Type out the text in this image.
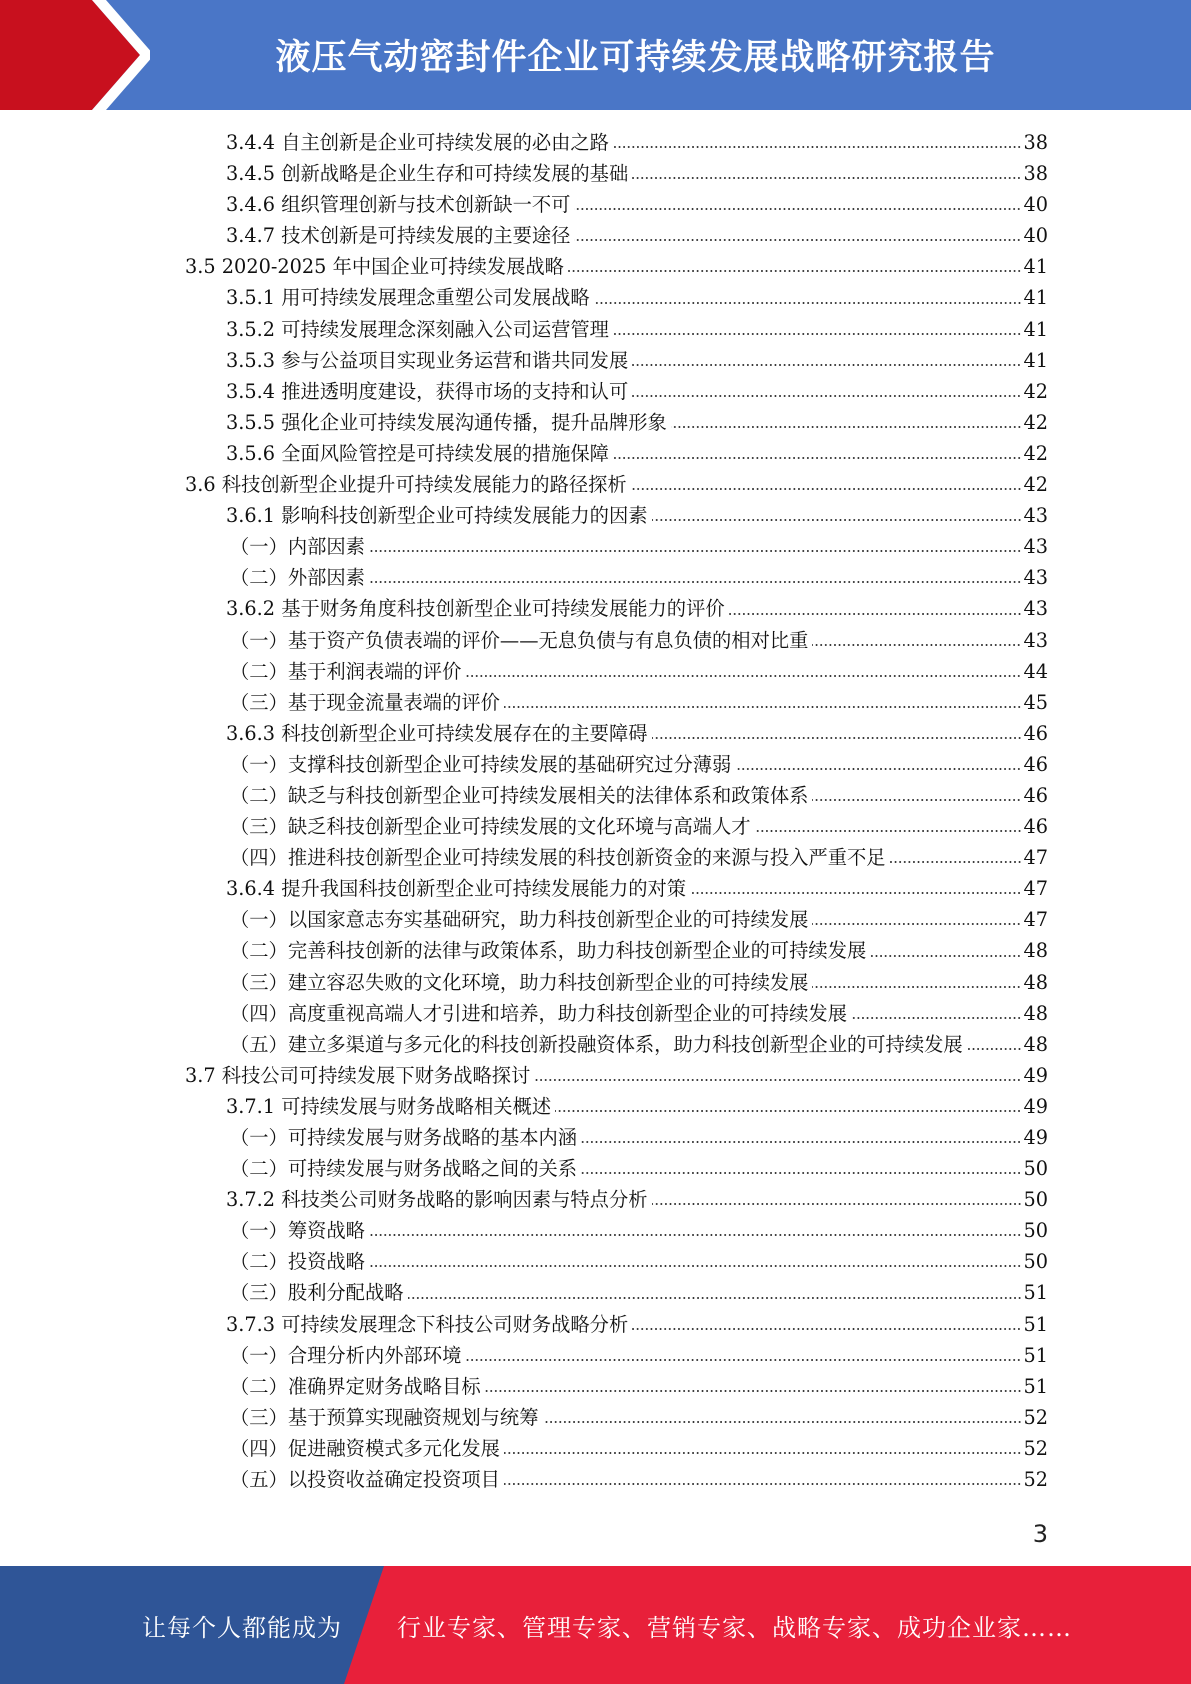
液压气动密封件企业可持续发展战略研究报告
3.4.4 自主创新是企业可持续发展的必由之路	38
3.4.5 创新战略是企业生存和可持续发展的基础	38
3.4.6 组织管理创新与技术创新缺一不可	40
3.4.7 技术创新是可持续发展的主要途径	40
3.5 2020-2025 年中国企业可持续发展战略	41
3.5.1 用可持续发展理念重塑公司发展战略	41
3.5.2 可持续发展理念深刻融入公司运营管理	41
3.5.3 参与公益项目实现业务运营和谐共同发展	41
3.5.4 推进透明度建设，获得市场的支持和认可	42
3.5.5 强化企业可持续发展沟通传播，提升品牌形象	42
3.5.6 全面风险管控是可持续发展的措施保障	42
3.6 科技创新型企业提升可持续发展能力的路径探析	42
3.6.1 影响科技创新型企业可持续发展能力的因素	43
（一）内部因素	43
（二）外部因素	43
3.6.2 基于财务角度科技创新型企业可持续发展能力的评价	43
（一）基于资产负债表端的评价——无息负债与有息负债的相对比重	43
（二）基于利润表端的评价	44
（三）基于现金流量表端的评价	45
3.6.3 科技创新型企业可持续发展存在的主要障碍	46
（一）支撑科技创新型企业可持续发展的基础研究过分薄弱	46
（二）缺乏与科技创新型企业可持续发展相关的法律体系和政策体系	46
（三）缺乏科技创新型企业可持续发展的文化环境与高端人才	46
（四）推进科技创新型企业可持续发展的科技创新资金的来源与投入严重不足	47
3.6.4 提升我国科技创新型企业可持续发展能力的对策	47
（一）以国家意志夯实基础研究，助力科技创新型企业的可持续发展	47
（二）完善科技创新的法律与政策体系，助力科技创新型企业的可持续发展	48
（三）建立容忍失败的文化环境，助力科技创新型企业的可持续发展	48
（四）高度重视高端人才引进和培养，助力科技创新型企业的可持续发展	48
（五）建立多渠道与多元化的科技创新投融资体系，助力科技创新型企业的可持续发展	48
3.7 科技公司可持续发展下财务战略探讨	49
3.7.1 可持续发展与财务战略相关概述	49
（一）可持续发展与财务战略的基本内涵	49
（二）可持续发展与财务战略之间的关系	50
3.7.2 科技类公司财务战略的影响因素与特点分析	50
（一）筹资战略	50
（二）投资战略	50
（三）股利分配战略	51
3.7.3 可持续发展理念下科技公司财务战略分析	51
（一）合理分析内外部环境	51
（二）准确界定财务战略目标	51
（三）基于预算实现融资规划与统筹	52
（四）促进融资模式多元化发展	52
（五）以投资收益确定投资项目	52
3
让每个人都能成为 行业专家、管理专家、营销专家、战略专家、成功企业家……
